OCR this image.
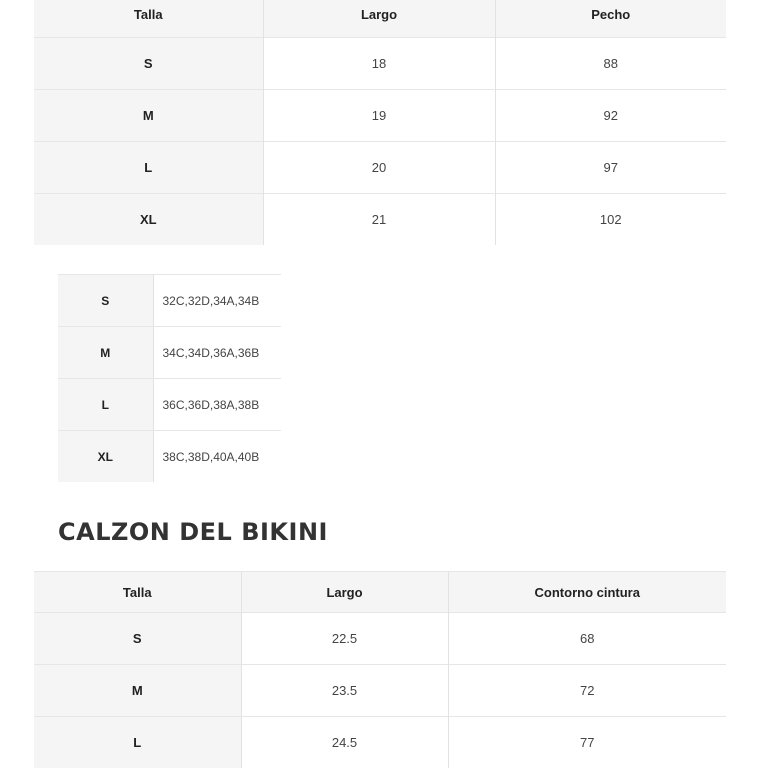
Talla	Largo	Pecho
S	18	88
M	19	92
L	20	97
XL	21	102
S	32C,32D,34A,34B
M	34C,34D,36A,36B
L	36C,36D,38A,38B
XL	38C,38D,40A,40B
CALZON DEL BIKINI
Talla	Largo	Contorno cintura
S	22.5	68
M	23.5	72
L	24.5	77
